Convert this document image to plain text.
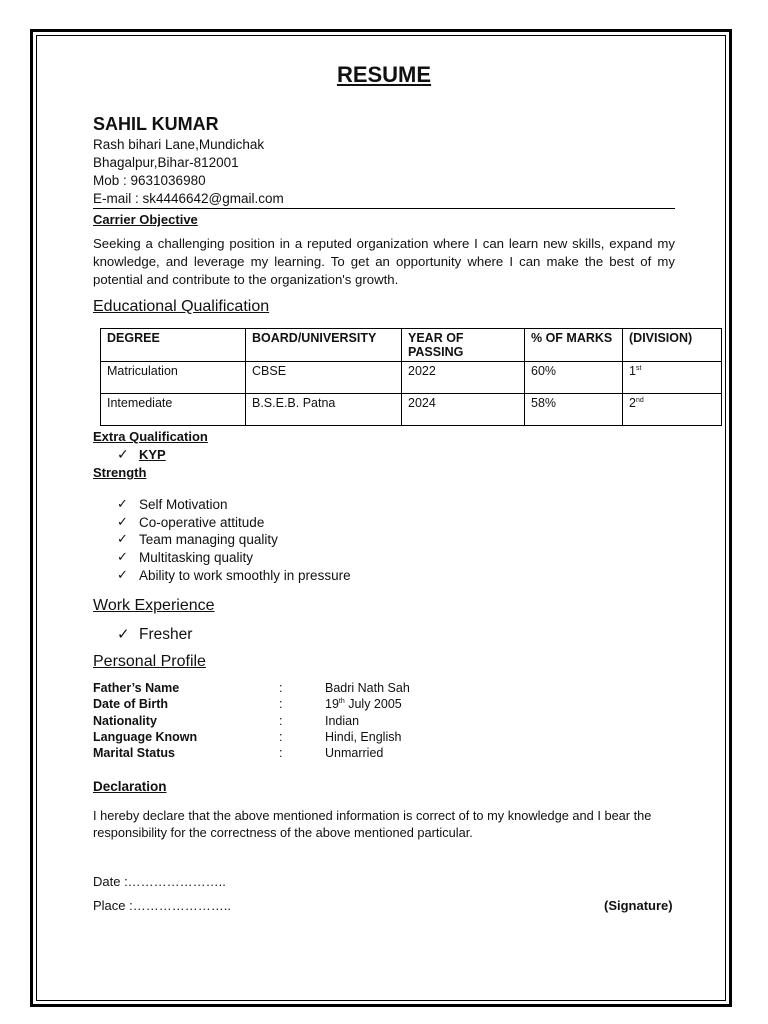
RESUME
SAHIL KUMAR
Rash bihari Lane,Mundichak
Bhagalpur,Bihar-812001
Mob : 9631036980
E-mail : sk4446642@gmail.com
Carrier Objective
Seeking a challenging position in a reputed organization where I can learn new skills, expand my knowledge, and leverage my learning. To get an opportunity where I can make the best of my potential and contribute to the organization's growth.
Educational Qualification
DEGREE	BOARD/UNIVERSITY	YEAR OF PASSING	% OF MARKS	(DIVISION)
Matriculation	CBSE	2022	60%	1st
Intemediate	B.S.E.B. Patna	2024	58%	2nd
Extra Qualification
✓ KYP
Strength
✓ Self Motivation
✓ Co-operative attitude
✓ Team managing quality
✓ Multitasking quality
✓ Ability to work smoothly in pressure
Work Experience
✓ Fresher
Personal Profile
Father’s Name	:	Badri Nath Sah
Date of Birth	:	19th July 2005
Nationality	:	Indian
Language Known	:	Hindi, English
Marital Status	:	Unmarried
Declaration
I hereby declare that the above mentioned information is correct of to my knowledge and I bear the responsibility for the correctness of the above mentioned particular.
Date :…………………..
Place :…………………..	(Signature)
